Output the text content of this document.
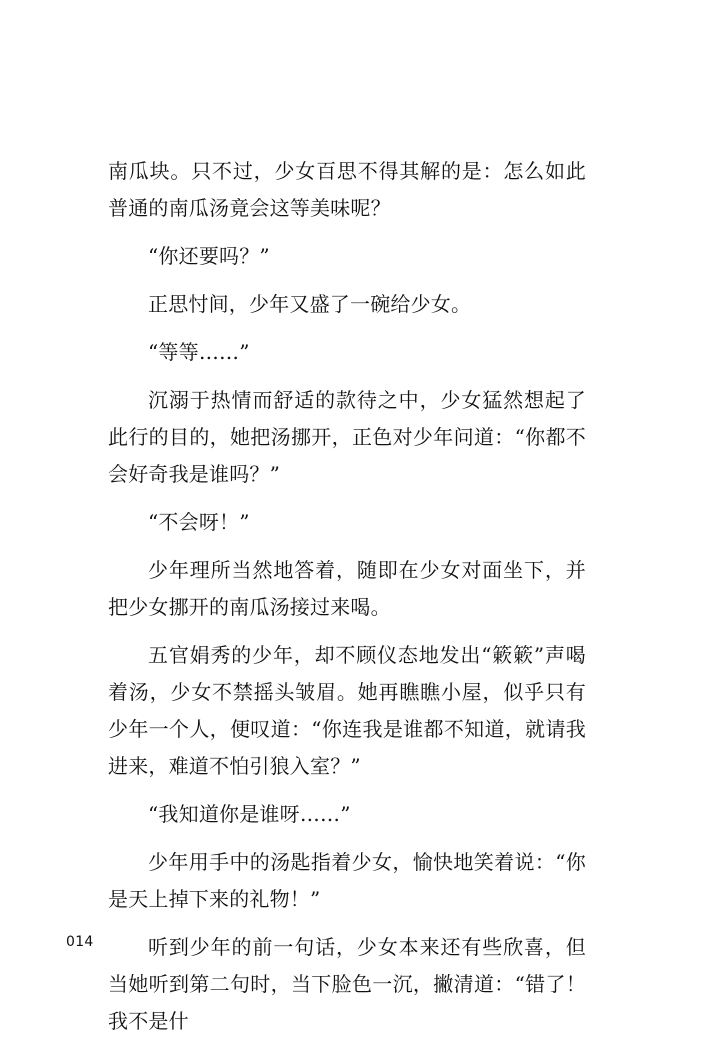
南瓜块。只不过，少女百思不得其解的是：怎么如此普通的南瓜汤竟会这等美味呢？

“你还要吗？”

正思忖间，少年又盛了一碗给少女。

“等等……”

沉溺于热情而舒适的款待之中，少女猛然想起了此行的目的，她把汤挪开，正色对少年问道：“你都不会好奇我是谁吗？”

“不会呀！”

少年理所当然地答着，随即在少女对面坐下，并把少女挪开的南瓜汤接过来喝。

五官娟秀的少年，却不顾仪态地发出“簌簌”声喝着汤，少女不禁摇头皱眉。她再瞧瞧小屋，似乎只有少年一个人，便叹道：“你连我是谁都不知道，就请我进来，难道不怕引狼入室？”

“我知道你是谁呀……”

少年用手中的汤匙指着少女，愉快地笑着说：“你是天上掉下来的礼物！”

听到少年的前一句话，少女本来还有些欣喜，但当她听到第二句时，当下脸色一沉，撇清道：“错了！我不是什

014
